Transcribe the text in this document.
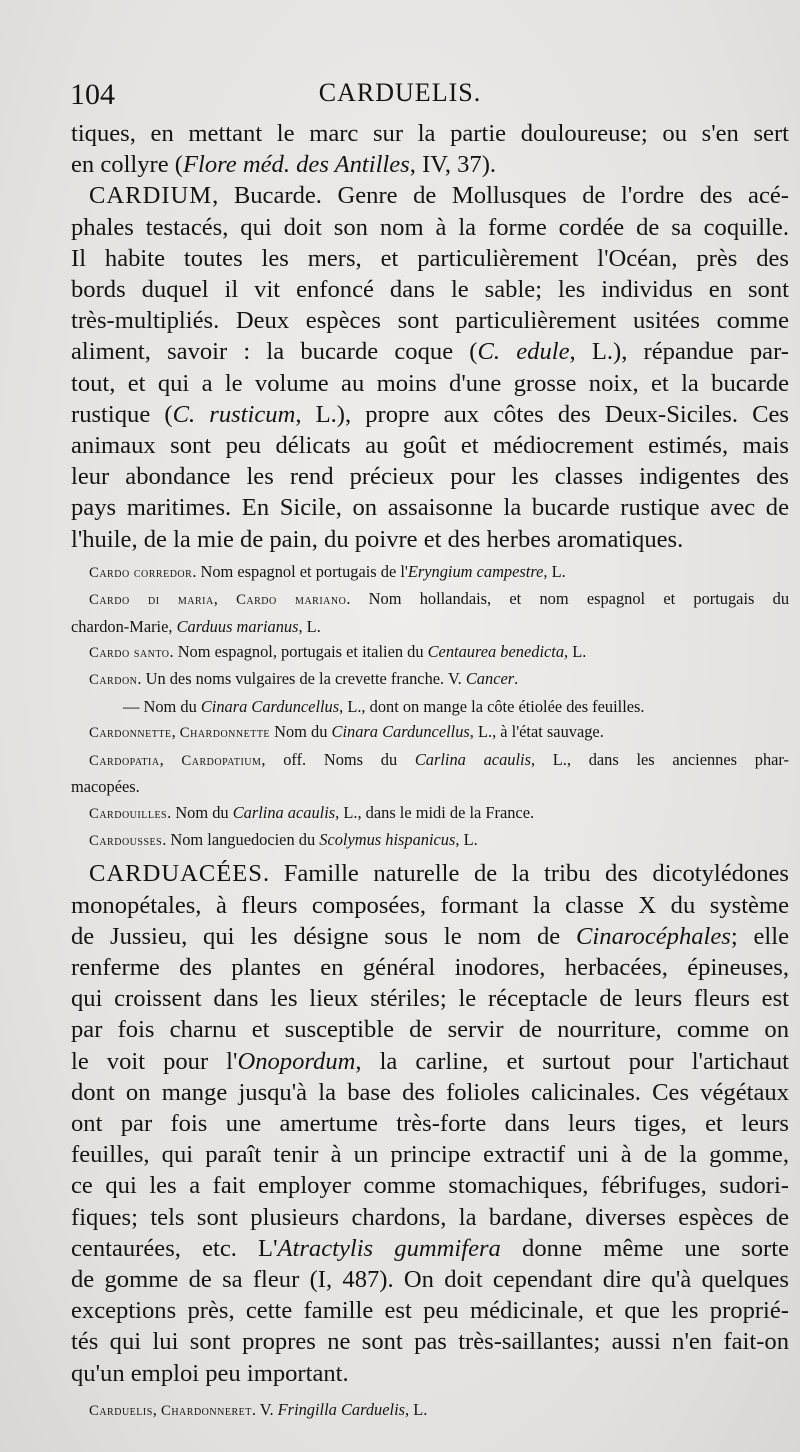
104	CARDUELIS.
tiques, en mettant le marc sur la partie douloureuse; ou s'en sert
en collyre (Flore méd. des Antilles, IV, 37).
CARDIUM, Bucarde. Genre de Mollusques de l'ordre des acé-
phales testacés, qui doit son nom à la forme cordée de sa coquille.
Il habite toutes les mers, et particulièrement l'Océan, près des
bords duquel il vit enfoncé dans le sable; les individus en sont
très-multipliés. Deux espèces sont particulièrement usitées comme
aliment, savoir : la bucarde coque (C. edule, L.), répandue par-
tout, et qui a le volume au moins d'une grosse noix, et la bucarde
rustique (C. rusticum, L.), propre aux côtes des Deux-Siciles. Ces
animaux sont peu délicats au goût et médiocrement estimés, mais
leur abondance les rend précieux pour les classes indigentes des
pays maritimes. En Sicile, on assaisonne la bucarde rustique avec de
l'huile, de la mie de pain, du poivre et des herbes aromatiques.
Cardo corredor. Nom espagnol et portugais de l'Eryngium campestre, L.
Cardo di maria, Cardo mariano. Nom hollandais, et nom espagnol et portugais du
chardon-Marie, Carduus marianus, L.
Cardo santo. Nom espagnol, portugais et italien du Centaurea benedicta, L.
Cardon. Un des noms vulgaires de la crevette franche. V. Cancer.
— Nom du Cinara Carduncellus, L., dont on mange la côte étiolée des feuilles.
Cardonnette, Chardonnette Nom du Cinara Carduncellus, L., à l'état sauvage.
Cardopatia, Cardopatium, off. Noms du Carlina acaulis, L., dans les anciennes phar-
macopées.
Cardouilles. Nom du Carlina acaulis, L., dans le midi de la France.
Cardousses. Nom languedocien du Scolymus hispanicus, L.
CARDUACÉES. Famille naturelle de la tribu des dicotylédones
monopétales, à fleurs composées, formant la classe X du système
de Jussieu, qui les désigne sous le nom de Cinarocéphales; elle
renferme des plantes en général inodores, herbacées, épineuses,
qui croissent dans les lieux stériles; le réceptacle de leurs fleurs est
par fois charnu et susceptible de servir de nourriture, comme on
le voit pour l'Onopordum, la carline, et surtout pour l'artichaut
dont on mange jusqu'à la base des folioles calicinales. Ces végétaux
ont par fois une amertume très-forte dans leurs tiges, et leurs
feuilles, qui paraît tenir à un principe extractif uni à de la gomme,
ce qui les a fait employer comme stomachiques, fébrifuges, sudori-
fiques; tels sont plusieurs chardons, la bardane, diverses espèces de
centaurées, etc. L'Atractylis gummifera donne même une sorte
de gomme de sa fleur (I, 487). On doit cependant dire qu'à quelques
exceptions près, cette famille est peu médicinale, et que les proprié-
tés qui lui sont propres ne sont pas très-saillantes; aussi n'en fait-on
qu'un emploi peu important.
Carduelis, Chardonneret. V. Fringilla Carduelis, L.
